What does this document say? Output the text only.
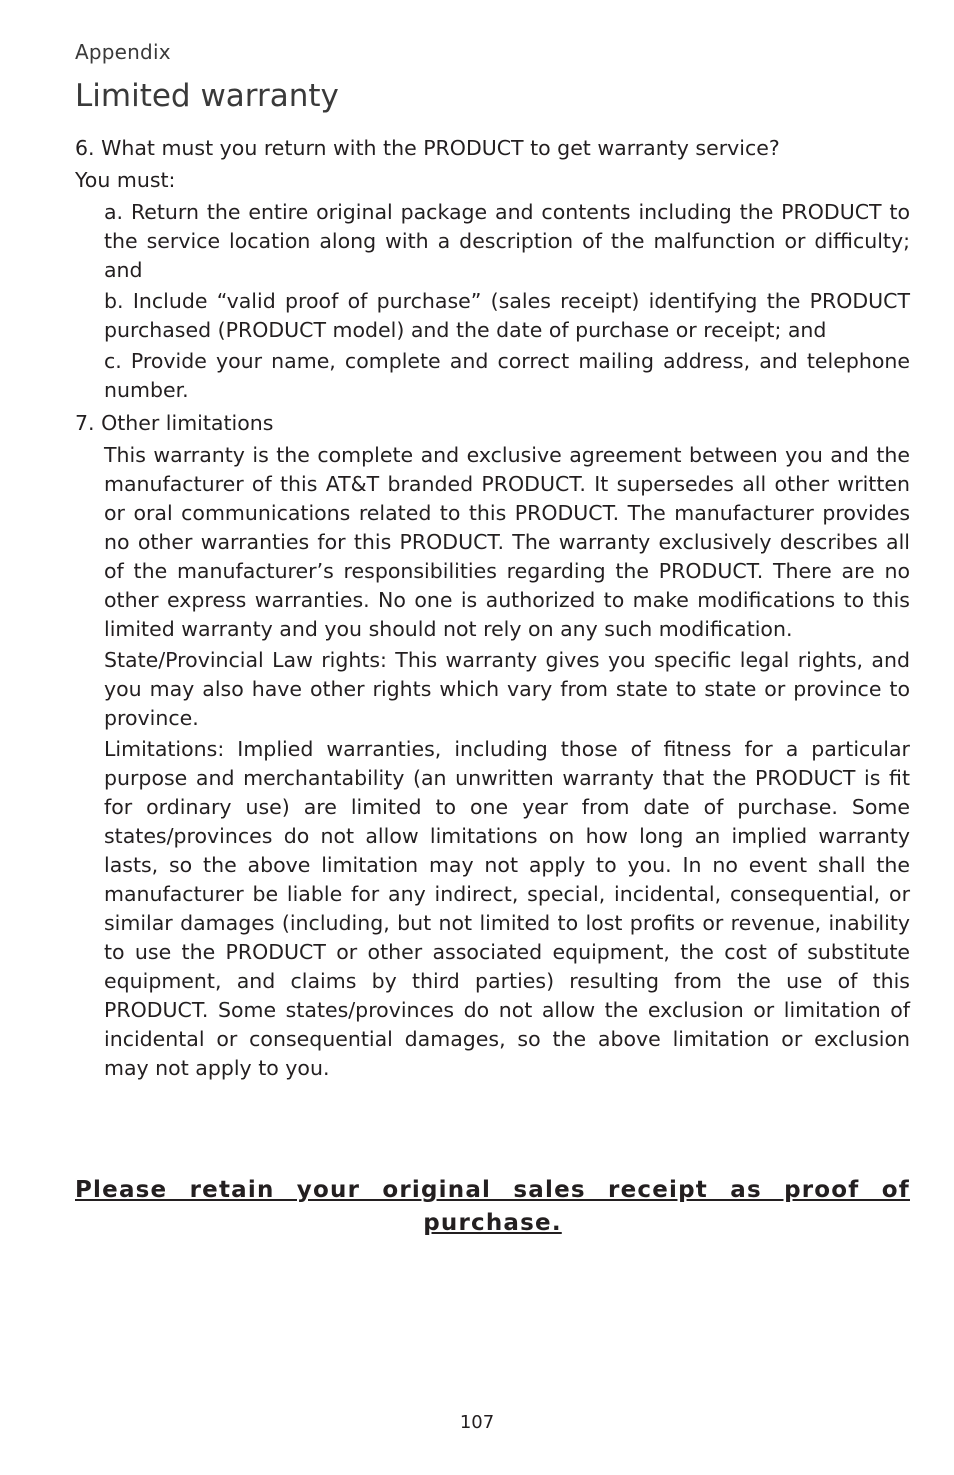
Appendix
Limited warranty

6. What must you return with the PRODUCT to get warranty service?

You must:

a. Return the entire original package and contents including the PRODUCT to the service location along with a description of the malfunction or difficulty; and

b. Include “valid proof of purchase” (sales receipt) identifying the PRODUCT purchased (PRODUCT model) and the date of purchase or receipt; and

c. Provide your name, complete and correct mailing address, and telephone number.

7. Other limitations

This warranty is the complete and exclusive agreement between you and the manufacturer of this AT&T branded PRODUCT. It supersedes all other written or oral communications related to this PRODUCT. The manufacturer provides no other warranties for this PRODUCT. The warranty exclusively describes all of the manufacturer’s responsibilities regarding the PRODUCT. There are no other express warranties. No one is authorized to make modifications to this limited warranty and you should not rely on any such modification.

State/Provincial Law rights: This warranty gives you specific legal rights, and you may also have other rights which vary from state to state or province to province.

Limitations: Implied warranties, including those of fitness for a particular purpose and merchantability (an unwritten warranty that the PRODUCT is fit for ordinary use) are limited to one year from date of purchase. Some states/provinces do not allow limitations on how long an implied warranty lasts, so the above limitation may not apply to you. In no event shall the manufacturer be liable for any indirect, special, incidental, consequential, or similar damages (including, but not limited to lost profits or revenue, inability to use the PRODUCT or other associated equipment, the cost of substitute equipment, and claims by third parties) resulting from the use of this PRODUCT. Some states/provinces do not allow the exclusion or limitation of incidental or consequential damages, so the above limitation or exclusion may not apply to you.

Please retain your original sales receipt as proof of purchase.
107
